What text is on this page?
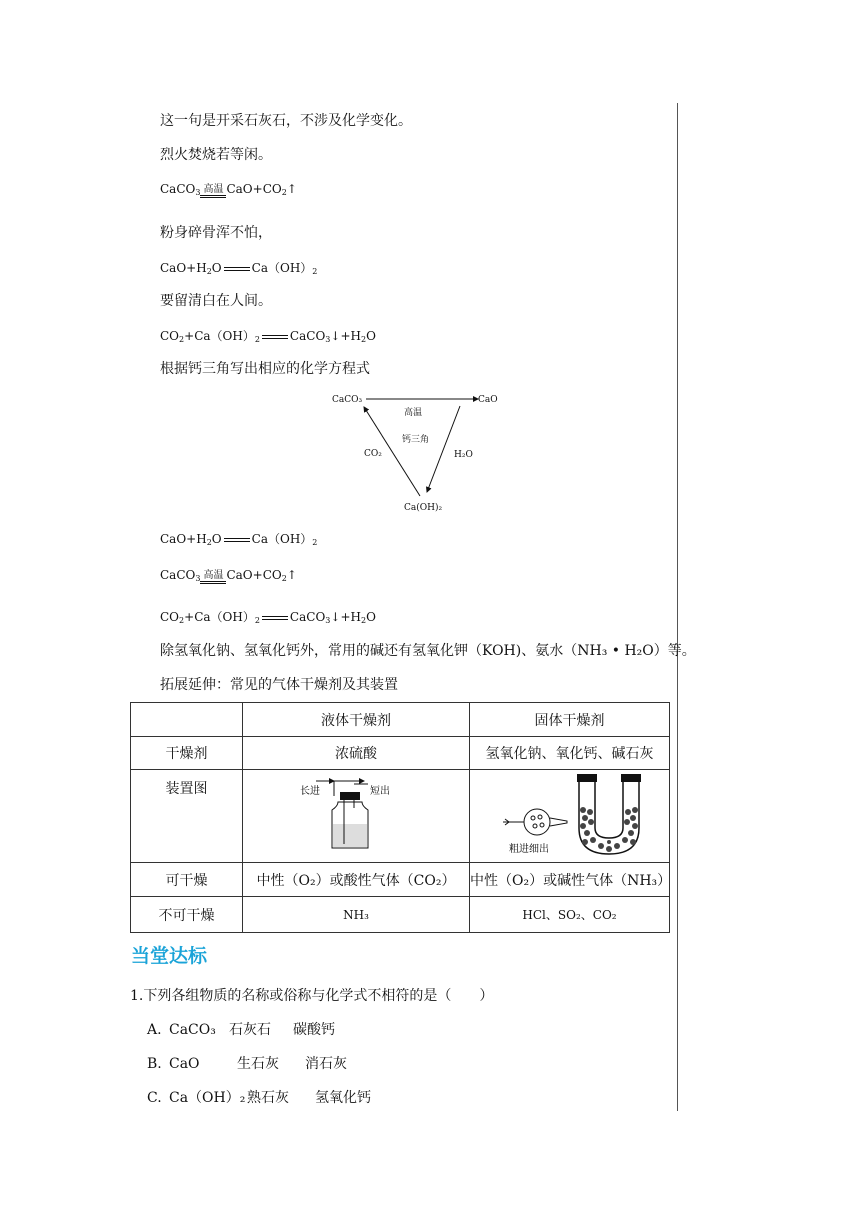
这一句是开采石灰石，不涉及化学变化。
烈火焚烧若等闲。
CaCO$_3$ 高温 $CaO+CO_2↑$
粉身碎骨浑不怕，
$CaO+H_2O$	$Ca(OH)_2$
要留清白在人间。
$CO_2+Ca(OH)_2$	$CaCO_3↓+H_2O$
根据钙三角写出相应的化学方程式
CaCO₃	CaO
Ca(OH)₂
高温
钙三角
CO₂	H₂O
$CaO+H_2O$	$Ca(OH)_2$
CaCO$_3$ 高温 $CaO+CO_2↑$
$CO_2+Ca(OH)_2$	$CaCO_3↓+H_2O$
除氢氧化钠、氢氧化钙外，常用的碱还有氢氧化钾（KOH)、氨水（NH₃ • H₂O）等。
拓展延伸：常见的气体干燥剂及其装置
	液体干燥剂	固体干燥剂
干燥剂	浓硫酸	氢氧化钠、氧化钙、碱石灰
装置图	长进 短出	粗进细出

可干燥	中性（O₂）或酸性气体（CO₂）	中性（O₂）或碱性气体（NH₃）
不可干燥	NH₃	HCl、SO₂、CO₂
当堂达标
1.下列各组物质的名称或俗称与化学式不相符的是（　　）
A. CaCO₃ 石灰石 碳酸钙
B. CaO	生石灰 消石灰
C. Ca（OH）₂ 熟石灰 氢氧化钙
